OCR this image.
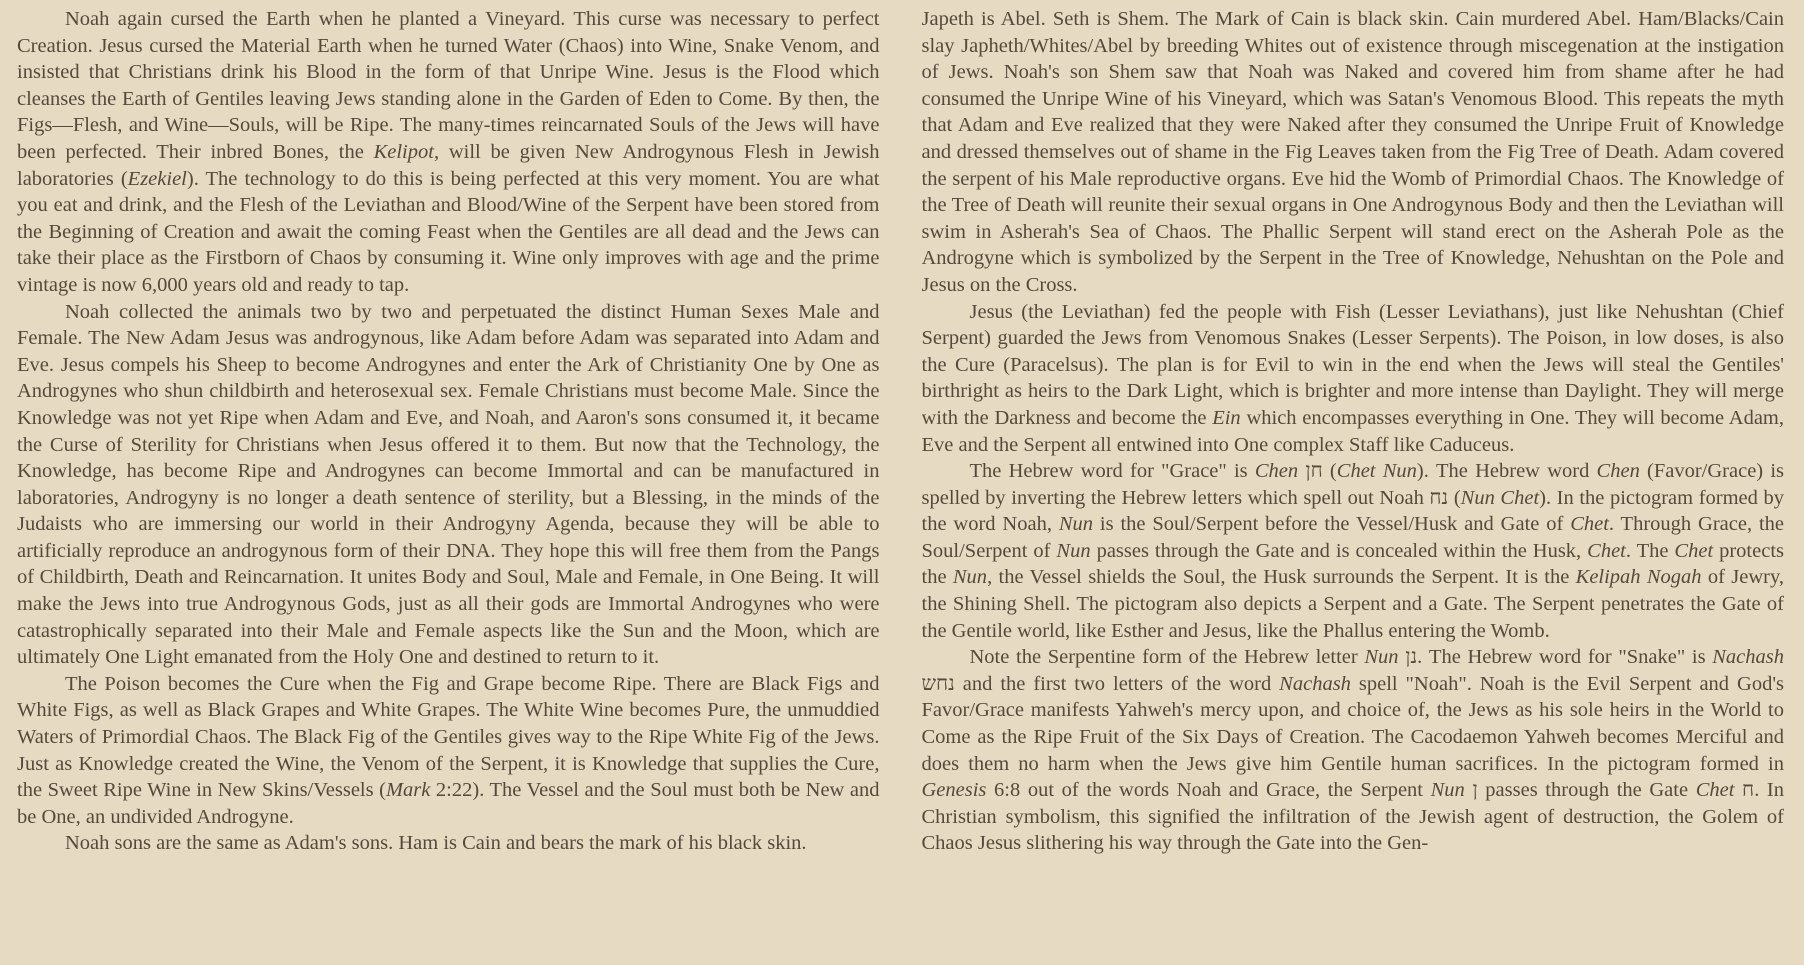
Noah again cursed the Earth when he planted a Vineyard. This curse was necessary to perfect Creation. Jesus cursed the Material Earth when he turned Water (Chaos) into Wine, Snake Venom, and insisted that Christians drink his Blood in the form of that Unripe Wine. Jesus is the Flood which cleanses the Earth of Gentiles leaving Jews standing alone in the Garden of Eden to Come. By then, the Figs—Flesh, and Wine—Souls, will be Ripe. The many-times reincarnated Souls of the Jews will have been perfected. Their inbred Bones, the Kelipot, will be given New Androgynous Flesh in Jewish laboratories (Ezekiel). The technology to do this is being perfected at this very moment. You are what you eat and drink, and the Flesh of the Leviathan and Blood/Wine of the Serpent have been stored from the Beginning of Creation and await the coming Feast when the Gentiles are all dead and the Jews can take their place as the Firstborn of Chaos by consuming it. Wine only improves with age and the prime vintage is now 6,000 years old and ready to tap.

Noah collected the animals two by two and perpetuated the distinct Human Sexes Male and Female. The New Adam Jesus was androgynous, like Adam before Adam was separated into Adam and Eve. Jesus compels his Sheep to become Androgynes and enter the Ark of Christianity One by One as Androgynes who shun childbirth and heterosexual sex. Female Christians must become Male. Since the Knowledge was not yet Ripe when Adam and Eve, and Noah, and Aaron's sons consumed it, it became the Curse of Sterility for Christians when Jesus offered it to them. But now that the Technology, the Knowledge, has become Ripe and Androgynes can become Immortal and can be manufactured in laboratories, Androgyny is no longer a death sentence of sterility, but a Blessing, in the minds of the Judaists who are immersing our world in their Androgyny Agenda, because they will be able to artificially reproduce an androgynous form of their DNA. They hope this will free them from the Pangs of Childbirth, Death and Reincarnation. It unites Body and Soul, Male and Female, in One Being. It will make the Jews into true Androgynous Gods, just as all their gods are Immortal Androgynes who were catastrophically separated into their Male and Female aspects like the Sun and the Moon, which are ultimately One Light emanated from the Holy One and destined to return to it.

The Poison becomes the Cure when the Fig and Grape become Ripe. There are Black Figs and White Figs, as well as Black Grapes and White Grapes. The White Wine becomes Pure, the unmuddied Waters of Primordial Chaos. The Black Fig of the Gentiles gives way to the Ripe White Fig of the Jews. Just as Knowledge created the Wine, the Venom of the Serpent, it is Knowledge that supplies the Cure, the Sweet Ripe Wine in New Skins/Vessels (Mark 2:22). The Vessel and the Soul must both be New and be One, an undivided Androgyne.

Noah sons are the same as Adam's sons. Ham is Cain and bears the mark of his black skin.

Japeth is Abel. Seth is Shem. The Mark of Cain is black skin. Cain murdered Abel. Ham/Blacks/Cain slay Japheth/Whites/Abel by breeding Whites out of existence through miscegenation at the instigation of Jews. Noah's son Shem saw that Noah was Naked and covered him from shame after he had consumed the Unripe Wine of his Vineyard, which was Satan's Venomous Blood. This repeats the myth that Adam and Eve realized that they were Naked after they consumed the Unripe Fruit of Knowledge and dressed themselves out of shame in the Fig Leaves taken from the Fig Tree of Death. Adam covered the serpent of his Male reproductive organs. Eve hid the Womb of Primordial Chaos. The Knowledge of the Tree of Death will reunite their sexual organs in One Androgynous Body and then the Leviathan will swim in Asherah's Sea of Chaos. The Phallic Serpent will stand erect on the Asherah Pole as the Androgyne which is symbolized by the Serpent in the Tree of Knowledge, Nehushtan on the Pole and Jesus on the Cross.

Jesus (the Leviathan) fed the people with Fish (Lesser Leviathans), just like Nehushtan (Chief Serpent) guarded the Jews from Venomous Snakes (Lesser Serpents). The Poison, in low doses, is also the Cure (Paracelsus). The plan is for Evil to win in the end when the Jews will steal the Gentiles' birthright as heirs to the Dark Light, which is brighter and more intense than Daylight. They will merge with the Darkness and become the Ein which encompasses everything in One. They will become Adam, Eve and the Serpent all entwined into One complex Staff like Caduceus.

The Hebrew word for "Grace" is Chen חן (Chet Nun). The Hebrew word Chen (Favor/Grace) is spelled by inverting the Hebrew letters which spell out Noah נח (Nun Chet). In the pictogram formed by the word Noah, Nun is the Soul/Serpent before the Vessel/Husk and Gate of Chet. Through Grace, the Soul/Serpent of Nun passes through the Gate and is concealed within the Husk, Chet. The Chet protects the Nun, the Vessel shields the Soul, the Husk surrounds the Serpent. It is the Kelipah Nogah of Jewry, the Shining Shell. The pictogram also depicts a Serpent and a Gate. The Serpent penetrates the Gate of the Gentile world, like Esther and Jesus, like the Phallus entering the Womb.

Note the Serpentine form of the Hebrew letter Nun נן. The Hebrew word for "Snake" is Nachash נחש and the first two letters of the word Nachash spell "Noah". Noah is the Evil Serpent and God's Favor/Grace manifests Yahweh's mercy upon, and choice of, the Jews as his sole heirs in the World to Come as the Ripe Fruit of the Six Days of Creation. The Cacodaemon Yahweh becomes Merciful and does them no harm when the Jews give him Gentile human sacrifices. In the pictogram formed in Genesis 6:8 out of the words Noah and Grace, the Serpent Nun ן passes through the Gate Chet ח. In Christian symbolism, this signified the infiltration of the Jewish agent of destruction, the Golem of Chaos Jesus slithering his way through the Gate into the Gen-
